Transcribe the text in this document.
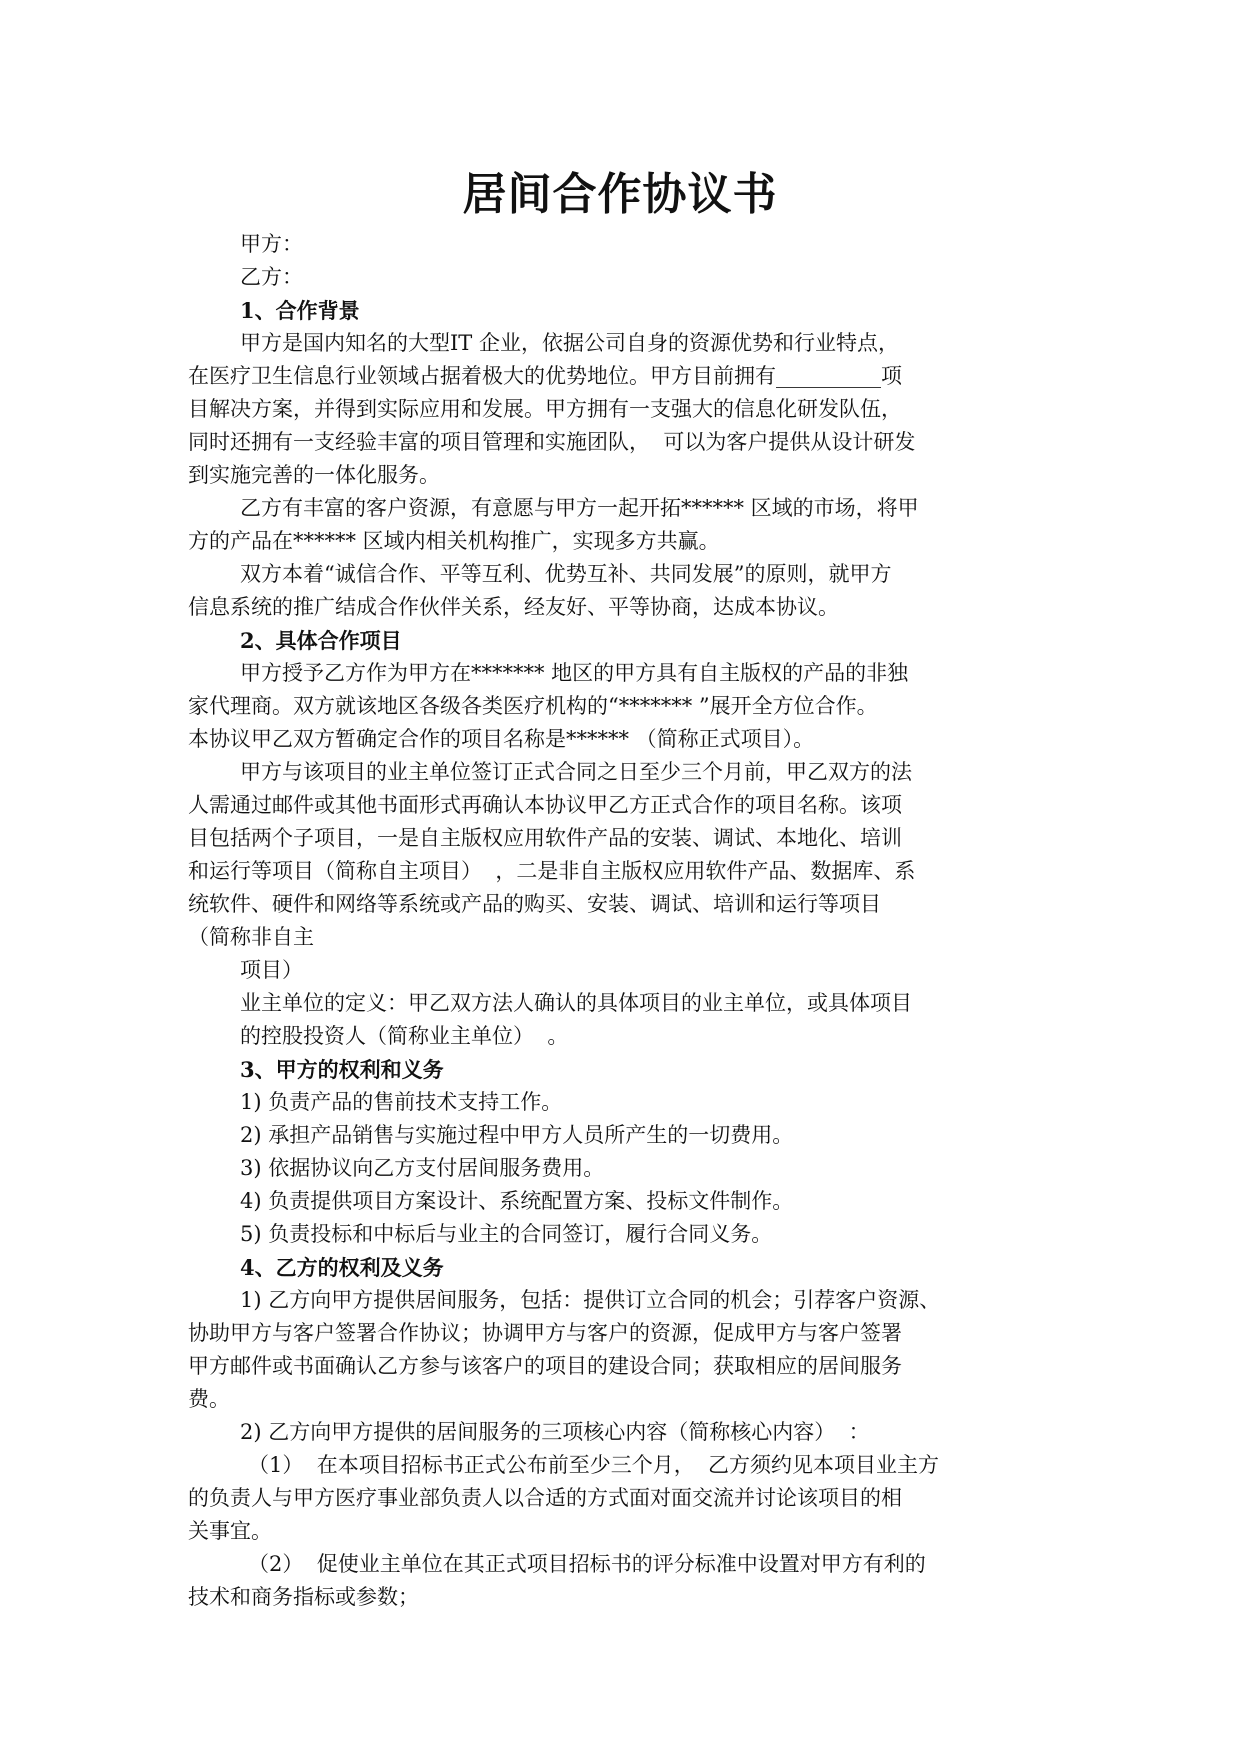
居间合作协议书
甲方：
乙方：
1、合作背景
甲方是国内知名的大型IT 企业，依据公司自身的资源优势和行业特点，
在医疗卫生信息行业领域占据着极大的优势地位。甲方目前拥有__________项
目解决方案，并得到实际应用和发展。甲方拥有一支强大的信息化研发队伍，
同时还拥有一支经验丰富的项目管理和实施团队，  可以为客户提供从设计研发
到实施完善的一体化服务。
乙方有丰富的客户资源，有意愿与甲方一起开拓****** 区域的市场，将甲
方的产品在****** 区域内相关机构推广，实现多方共赢。
双方本着“诚信合作、平等互利、优势互补、共同发展”的原则，就甲方
信息系统的推广结成合作伙伴关系，经友好、平等协商，达成本协议。
2、具体合作项目
甲方授予乙方作为甲方在******* 地区的甲方具有自主版权的产品的非独
家代理商。双方就该地区各级各类医疗机构的“******* ”展开全方位合作。
本协议甲乙双方暂确定合作的项目名称是****** （简称正式项目）。
甲方与该项目的业主单位签订正式合同之日至少三个月前，甲乙双方的法
人需通过邮件或其他书面形式再确认本协议甲乙方正式合作的项目名称。该项
目包括两个子项目，一是自主版权应用软件产品的安装、调试、本地化、培训
和运行等项目（简称自主项目）  ，二是非自主版权应用软件产品、数据库、系
统软件、硬件和网络等系统或产品的购买、安装、调试、培训和运行等项目
（简称非自主
项目）
业主单位的定义：甲乙双方法人确认的具体项目的业主单位，或具体项目
的控股投资人（简称业主单位）  。
3、甲方的权利和义务
1) 负责产品的售前技术支持工作。
2) 承担产品销售与实施过程中甲方人员所产生的一切费用。
3) 依据协议向乙方支付居间服务费用。
4) 负责提供项目方案设计、系统配置方案、投标文件制作。
5) 负责投标和中标后与业主的合同签订，履行合同义务。
4、乙方的权利及义务
1) 乙方向甲方提供居间服务，包括：提供订立合同的机会；引荐客户资源、
协助甲方与客户签署合作协议；协调甲方与客户的资源，促成甲方与客户签署
甲方邮件或书面确认乙方参与该客户的项目的建设合同；获取相应的居间服务
费。
2) 乙方向甲方提供的居间服务的三项核心内容（简称核心内容）  ：
（1）  在本项目招标书正式公布前至少三个月，  乙方须约见本项目业主方
的负责人与甲方医疗事业部负责人以合适的方式面对面交流并讨论该项目的相
关事宜。
（2）  促使业主单位在其正式项目招标书的评分标准中设置对甲方有利的
技术和商务指标或参数；
